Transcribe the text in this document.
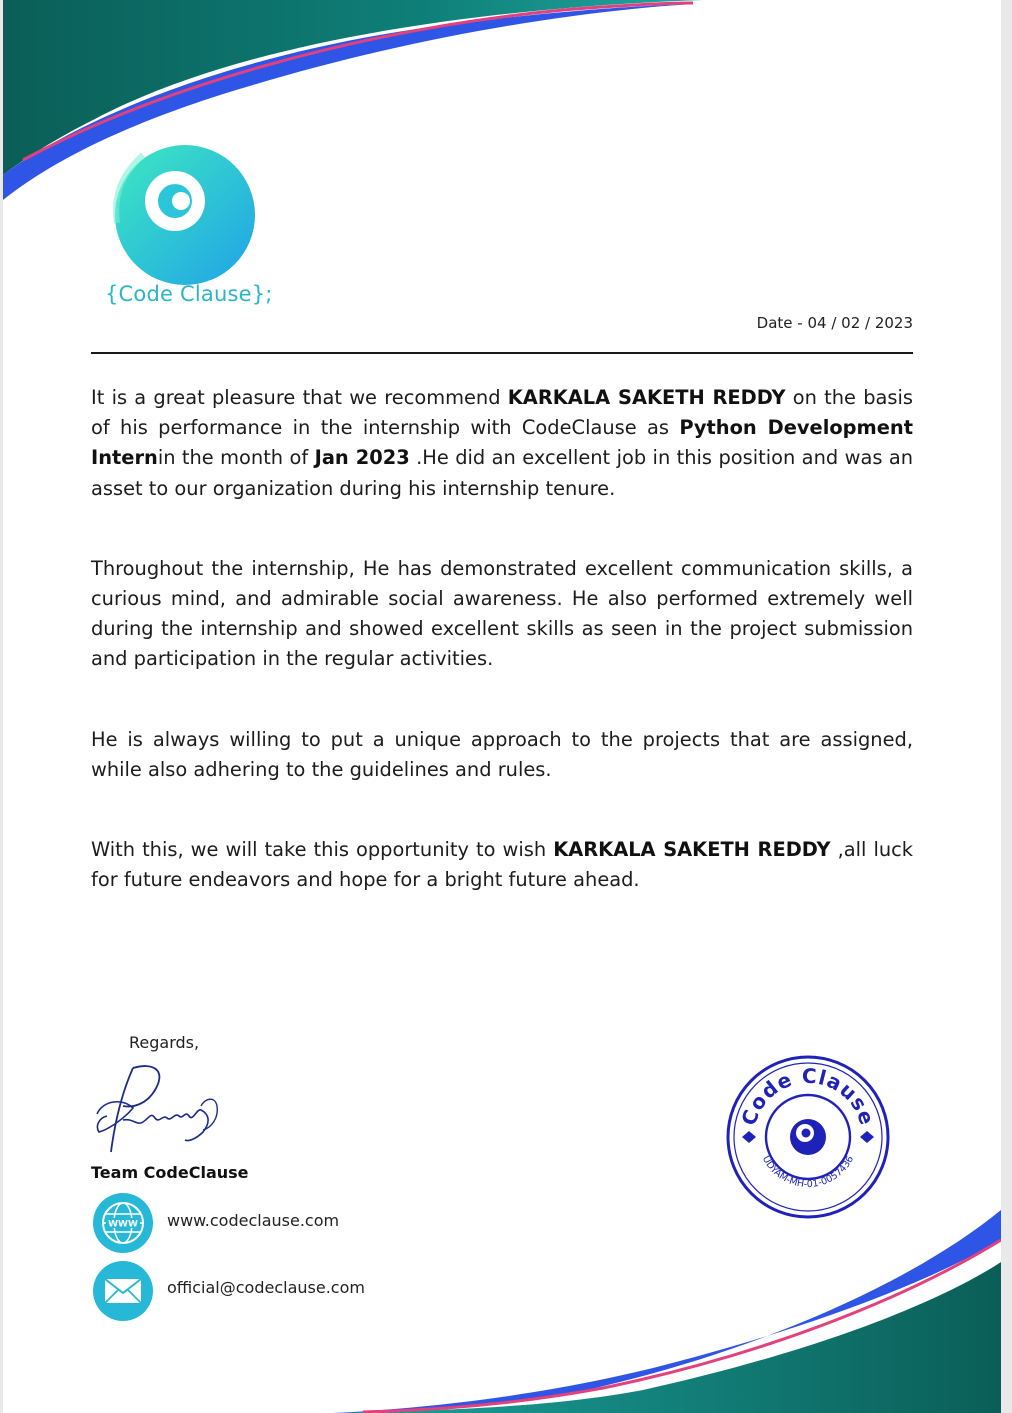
{Code Clause};
Date - 04 / 02 / 2023

It is a great pleasure that we recommend KARKALA SAKETH REDDY on the basis of his performance in the internship with CodeClause as Python Development Internin the month of Jan 2023 .He did an excellent job in this position and was an asset to our organization during his internship tenure.

Throughout the internship, He has demonstrated excellent communication skills, a curious mind, and admirable social awareness. He also performed extremely well during the internship and showed excellent skills as seen in the project submission and participation in the regular activities.

He is always willing to put a unique approach to the projects that are assigned, while also adhering to the guidelines and rules.

With this, we will take this opportunity to wish KARKALA SAKETH REDDY ,all luck for future endeavors and hope for a bright future ahead.

Regards,
Team CodeClause
WWW www.codeclause.com
official@codeclause.com
Code Clause
UDYAM-MH-01-0057436
